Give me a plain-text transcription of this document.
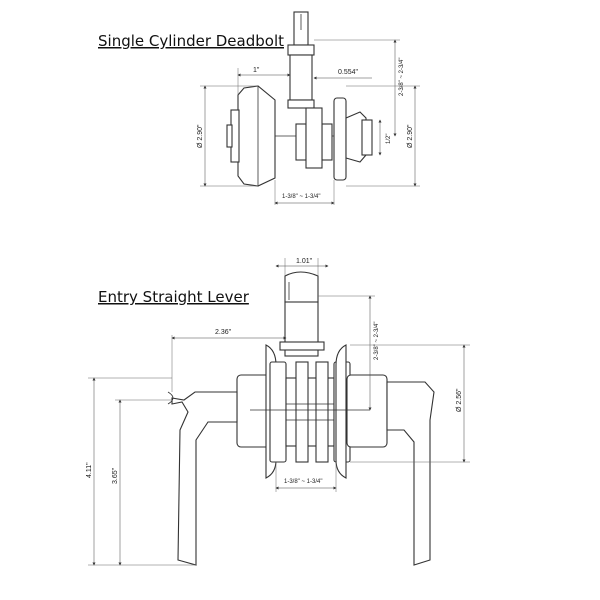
Single Cylinder Deadbolt
1"	0.554"	2-3/8" ~ 2-3/4"
1/2"
Ø 2.90"	Ø 2.90"
1-3/8" ~ 1-3/4"
Entry Straight Lever
1.01"
2.36"	2-3/8" ~ 2-3/4"
Ø 2.56"
4.11"	3.65"	1-3/8" ~ 1-3/4"
